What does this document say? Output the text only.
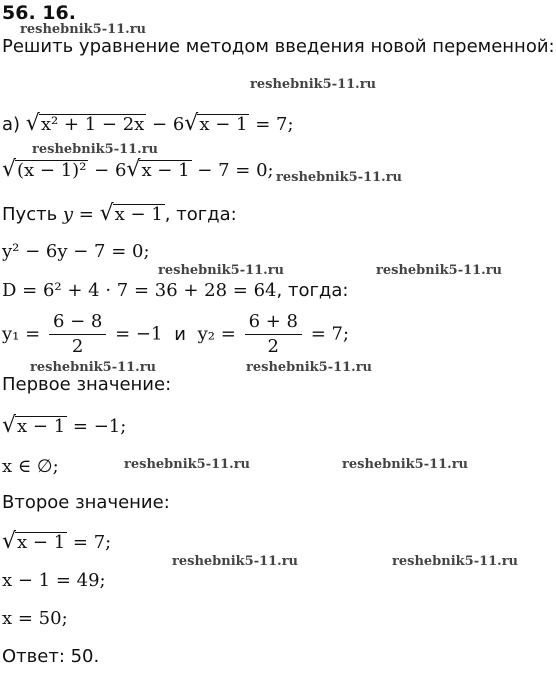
56. 16.
Решить уравнение методом введения новой переменной:
reshebnik5-11.ru
reshebnik5-11.ru
reshebnik5-11.ru
reshebnik5-11.ru
reshebnik5-11.ru	reshebnik5-11.ru
reshebnik5-11.ru	reshebnik5-11.ru
reshebnik5-11.ru	reshebnik5-11.ru
reshebnik5-11.ru	reshebnik5-11.ru
а) √ x² + 1 − 2x − 6 √ x − 1 = 7;
√ (x − 1)² − 6 √ x − 1 − 7 = 0;
Пусть y = √ x − 1 , тогда:
y² − 6y − 7 = 0;
D = 6² + 4 · 7 = 36 + 28 = 64, тогда:
$y_1 = \frac{6 - 8}{2} = -1$ и $y_2 = \frac{6 + 8}{2} = 7$;
Первое значение:
√ x − 1 = −1;
x ∈ ∅;
Второе значение:
√ x − 1 = 7;
x − 1 = 49;
x = 50;
Ответ: 50.
